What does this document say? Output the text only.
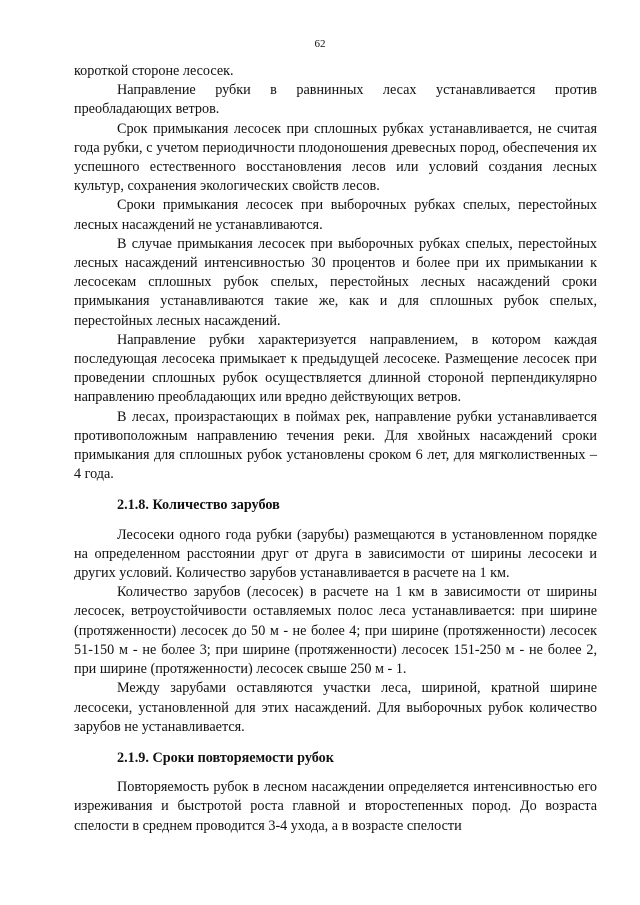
62

короткой стороне лесосек.

Направление рубки в равнинных лесах устанавливается против преобладающих ветров.

Срок примыкания лесосек при сплошных рубках устанавливается, не считая года рубки, с учетом периодичности плодоношения древесных пород, обеспечения их успешного естественного восстановления лесов или условий создания лесных культур, сохранения экологических свойств лесов.

Сроки примыкания лесосек при выборочных рубках спелых, перестойных лесных насаждений не устанавливаются.

В случае примыкания лесосек при выборочных рубках спелых, перестойных лесных насаждений интенсивностью 30 процентов и более при их примыкании к лесосекам сплошных рубок спелых, перестойных лесных насаждений сроки примыкания устанавливаются такие же, как и для сплошных рубок спелых, перестойных лесных насаждений.

Направление рубки характеризуется направлением, в котором каждая последующая лесосека примыкает к предыдущей лесосеке. Размещение лесосек при проведении сплошных рубок осуществляется длинной стороной перпендикулярно направлению преобладающих или вредно действующих ветров.

В лесах, произрастающих в поймах рек, направление рубки устанавливается противоположным направлению течения реки. Для хвойных насаждений сроки примыкания для сплошных рубок установлены сроком 6 лет, для мягколиственных – 4 года.

2.1.8. Количество зарубов

Лесосеки одного года рубки (зарубы) размещаются в установленном порядке на определенном расстоянии друг от друга в зависимости от ширины лесосеки и других условий. Количество зарубов устанавливается в расчете на 1 км.

Количество зарубов (лесосек) в расчете на 1 км в зависимости от ширины лесосек, ветроустойчивости оставляемых полос леса устанавливается: при ширине (протяженности) лесосек до 50 м - не более 4; при ширине (протяженности) лесосек 51-150 м - не более 3; при ширине (протяженности) лесосек 151-250 м - не более 2, при ширине (протяженности) лесосек свыше 250 м - 1.

Между зарубами оставляются участки леса, шириной, кратной ширине лесосеки, установленной для этих насаждений. Для выборочных рубок количество зарубов не устанавливается.

2.1.9. Сроки повторяемости рубок

Повторяемость рубок в лесном насаждении определяется интенсивностью его изреживания и быстротой роста главной и второстепенных пород. До возраста спелости в среднем проводится 3-4 ухода, а в возрасте спелости
